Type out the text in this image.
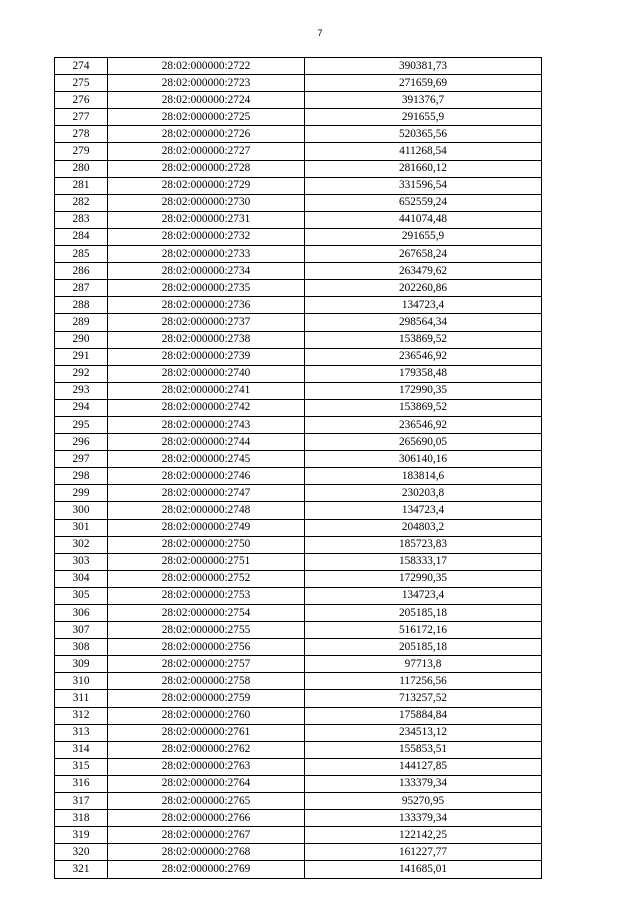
7
274	28:02:000000:2722	390381,73
275	28:02:000000:2723	271659,69
276	28:02:000000:2724	391376,7
277	28:02:000000:2725	291655,9
278	28:02:000000:2726	520365,56
279	28:02:000000:2727	411268,54
280	28:02:000000:2728	281660,12
281	28:02:000000:2729	331596,54
282	28:02:000000:2730	652559,24
283	28:02:000000:2731	441074,48
284	28:02:000000:2732	291655,9
285	28:02:000000:2733	267658,24
286	28:02:000000:2734	263479,62
287	28:02:000000:2735	202260,86
288	28:02:000000:2736	134723,4
289	28:02:000000:2737	298564,34
290	28:02:000000:2738	153869,52
291	28:02:000000:2739	236546,92
292	28:02:000000:2740	179358,48
293	28:02:000000:2741	172990,35
294	28:02:000000:2742	153869,52
295	28:02:000000:2743	236546,92
296	28:02:000000:2744	265690,05
297	28:02:000000:2745	306140,16
298	28:02:000000:2746	183814,6
299	28:02:000000:2747	230203,8
300	28:02:000000:2748	134723,4
301	28:02:000000:2749	204803,2
302	28:02:000000:2750	185723,83
303	28:02:000000:2751	158333,17
304	28:02:000000:2752	172990,35
305	28:02:000000:2753	134723,4
306	28:02:000000:2754	205185,18
307	28:02:000000:2755	516172,16
308	28:02:000000:2756	205185,18
309	28:02:000000:2757	97713,8
310	28:02:000000:2758	117256,56
311	28:02:000000:2759	713257,52
312	28:02:000000:2760	175884,84
313	28:02:000000:2761	234513,12
314	28:02:000000:2762	155853,51
315	28:02:000000:2763	144127,85
316	28:02:000000:2764	133379,34
317	28:02:000000:2765	95270,95
318	28:02:000000:2766	133379,34
319	28:02:000000:2767	122142,25
320	28:02:000000:2768	161227,77
321	28:02:000000:2769	141685,01
